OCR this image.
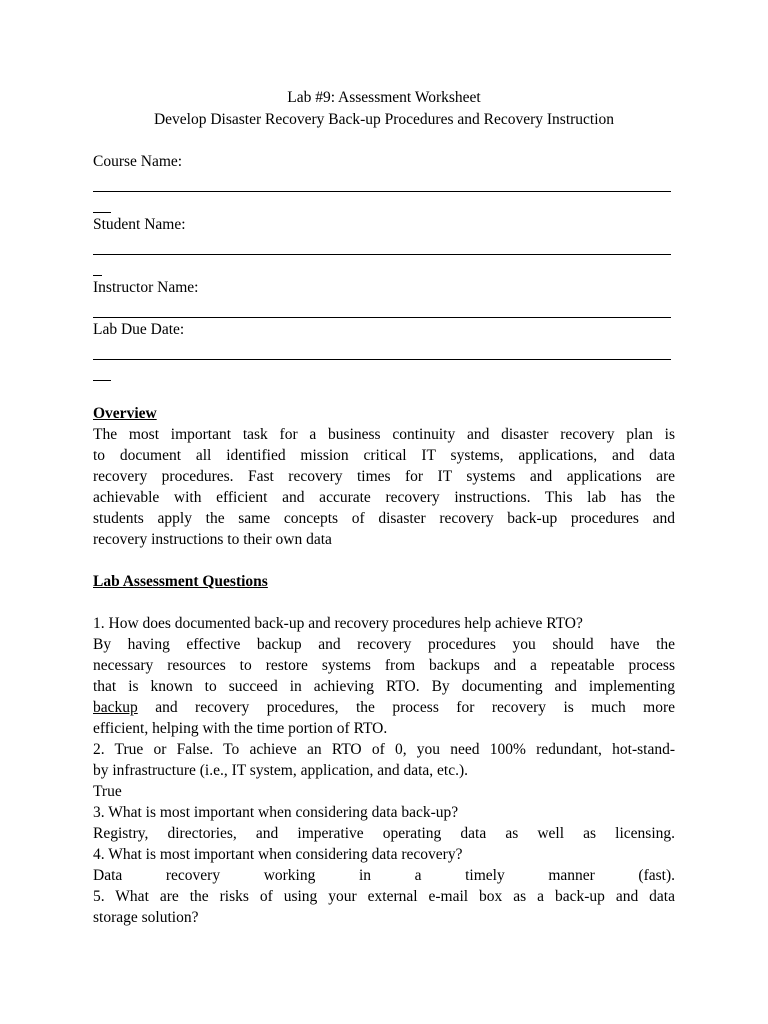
Lab #9: Assessment Worksheet
Develop Disaster Recovery Back-up Procedures and Recovery Instruction
Course Name:
Student Name:
Instructor Name:
Lab Due Date:
Overview
The most important task for a business continuity and disaster recovery plan is
to document all identified mission critical IT systems, applications, and data
recovery procedures. Fast recovery times for IT systems and applications are
achievable with efficient and accurate recovery instructions. This lab has the
students apply the same concepts of disaster recovery back-up procedures and
recovery instructions to their own data
Lab Assessment Questions
1. How does documented back-up and recovery procedures help achieve RTO?
By having effective backup and recovery procedures you should have the
necessary resources to restore systems from backups and a repeatable process
that is known to succeed in achieving RTO. By documenting and implementing
backup and recovery procedures, the process for recovery is much more
efficient, helping with the time portion of RTO.
2. True or False. To achieve an RTO of 0, you need 100% redundant, hot-stand-
by infrastructure (i.e., IT system, application, and data, etc.).
True
3. What is most important when considering data back-up?
Registry, directories, and imperative operating data as well as licensing.
4. What is most important when considering data recovery?
Data recovery working in a timely manner (fast).
5. What are the risks of using your external e-mail box as a back-up and data
storage solution?
